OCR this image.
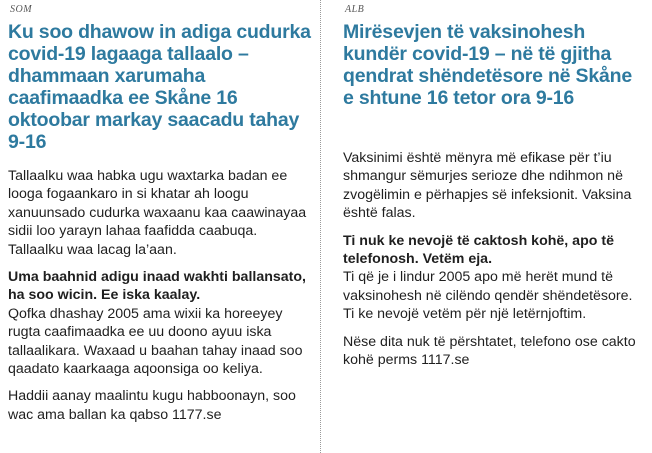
SOM
Ku soo dhawow in adiga cudurka covid-19 lagaaga tallaalo – dhammaan xarumaha caafimaadka ee Skåne 16 oktoobar markay saacadu tahay 9-16

Tallaalku waa habka ugu waxtarka badan ee looga fogaankaro in si khatar ah loogu xanuunsado cudurka waxaanu kaa caawinayaa sidii loo yarayn lahaa faafidda caabuqa. Tallaalku waa lacag la’aan.

Uma baahnid adigu inaad wakhti ballansato, ha soo wicin. Ee iska kaalay.
Qofka dhashay 2005 ama wixii ka horeeyey rugta caafimaadka ee uu doono ayuu iska tallaalikara. Waxaad u baahan tahay inaad soo qaadato kaarkaaga aqoonsiga oo keliya.

Haddii aanay maalintu kugu habboonayn, soo wac ama ballan ka qabso 1177.se

ALB
Mirësevjen të vaksinohesh kundër covid-19 – në të gjitha qendrat shëndetësore në Skåne e shtune 16 tetor ora 9-16

Vaksinimi është mënyra më efikase për t’iu shmangur sëmurjes serioze dhe ndihmon në zvogëlimin e përhapjes së infeksionit. Vaksina është falas.

Ti nuk ke nevojë të caktosh kohë, apo të telefonosh. Vetëm eja.
Ti që je i lindur 2005 apo më herët mund të vaksinohesh në cilëndo qendër shëndetësore. Ti ke nevojë vetëm për një letërnjoftim.

Nëse dita nuk të përshtatet, telefono ose cakto kohë perms 1117.se
